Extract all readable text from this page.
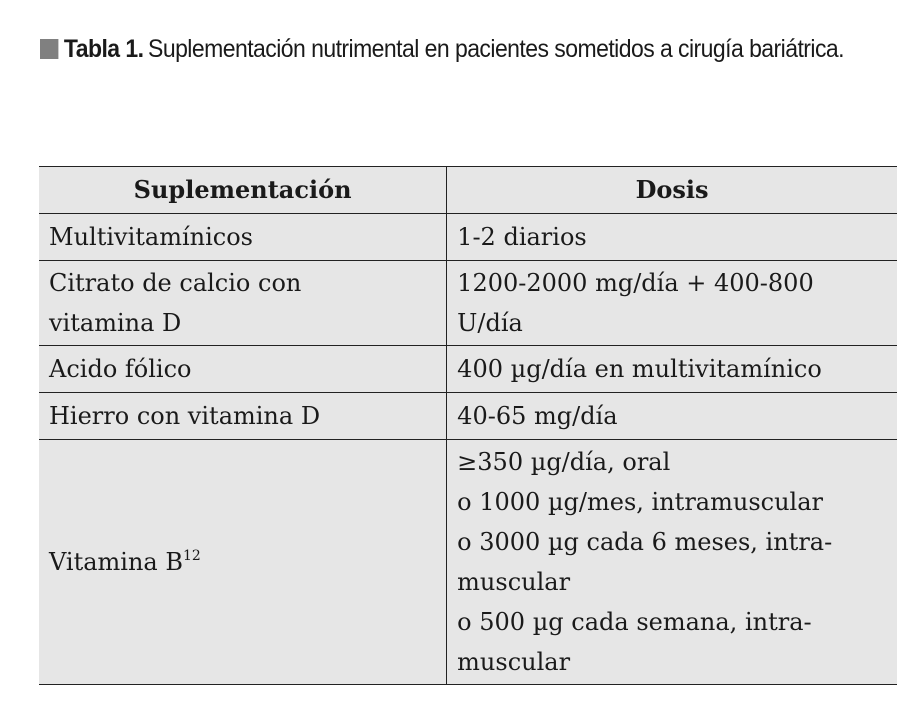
Tabla 1. Suplementación nutrimental en pacientes sometidos a cirugía bariátrica.
Suplementación	Dosis
Multivitamínicos	1-2 diarios

Citrato de calcio con vitamina D	1200-2000 mg/día + 400-800 U/día

Acido fólico	400 µg/día en multivitamínico
Hierro con vitamina D	40-65 mg/día
Vitamina $B^{12}$	≥350 µg/día, oral
o 1000 µg/mes, intramuscular
o 3000 µg cada 6 meses, intra-muscular
o 500 µg cada semana, intra-muscular
